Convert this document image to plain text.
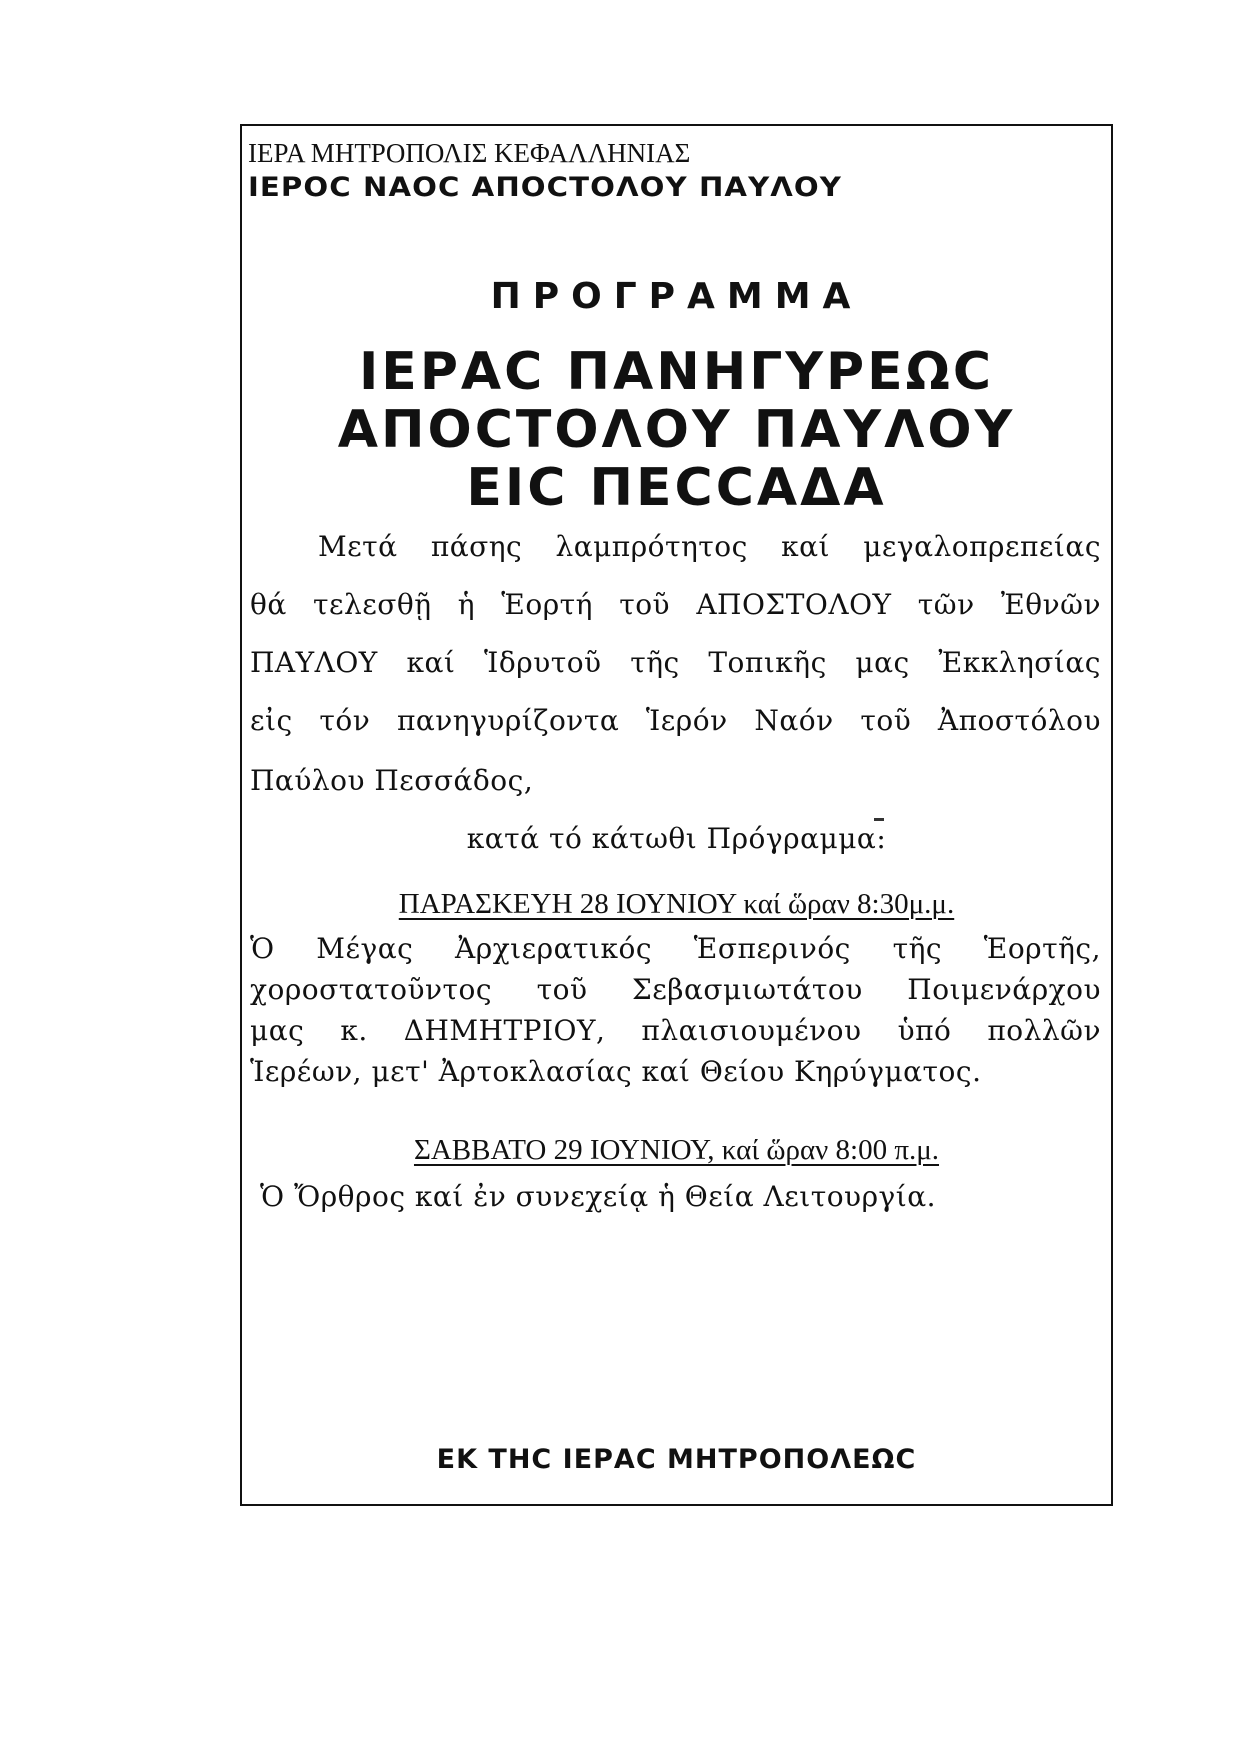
ΙΕΡΑ ΜΗΤΡΟΠΟΛΙΣ ΚΕΦΑΛΛΗΝΙΑΣ

ΙΕΡΟC ΝΑΟC ΑΠΟCΤΟΛΟΥ ΠΑΥΛΟΥ

ΠΡΟΓΡΑΜΜΑ

ΙΕΡΑC ΠΑΝΗΓΥΡΕΩC

ΑΠΟCΤΟΛΟΥ ΠΑΥΛΟΥ

ΕΙC ΠΕCCΑΔΑ

Μετά πάσης λαμπρότητος καί μεγαλοπρεπείας

θά τελεσθῇ ἡ Ἑορτή τοῦ ΑΠΟΣΤΟΛΟΥ τῶν Ἐθνῶν

ΠΑΥΛΟΥ καί Ἱδρυτοῦ τῆς Τοπικῆς μας Ἐκκλησίας

εἰς τόν πανηγυρίζοντα Ἱερόν Ναόν τοῦ Ἀποστόλου

Παύλου Πεσσάδος,

κατά τό κάτωθι Πρόγραμμα:

ΠΑΡΑΣΚΕΥΗ 28 ΙΟΥΝΙΟΥ καί ὥραν 8:30μ.μ.

Ὁ Μέγας Ἀρχιερατικός Ἑσπερινός τῆς Ἑορτῆς,

χοροστατοῦντος τοῦ Σεβασμιωτάτου Ποιμενάρχου

μας κ. ΔΗΜΗΤΡΙΟΥ, πλαισιουμένου ὑπό πολλῶν

Ἱερέων, μετ' Ἀρτοκλασίας καί Θείου Κηρύγματος.

ΣΑΒΒΑΤΟ 29 ΙΟΥΝΙΟΥ, καί ὥραν 8:00 π.μ.

Ὁ Ὄρθρος καί ἐν συνεχείᾳ ἡ Θεία Λειτουργία.

ΕΚ ΤΗC ΙΕΡΑC ΜΗΤΡΟΠΟΛΕΩC
